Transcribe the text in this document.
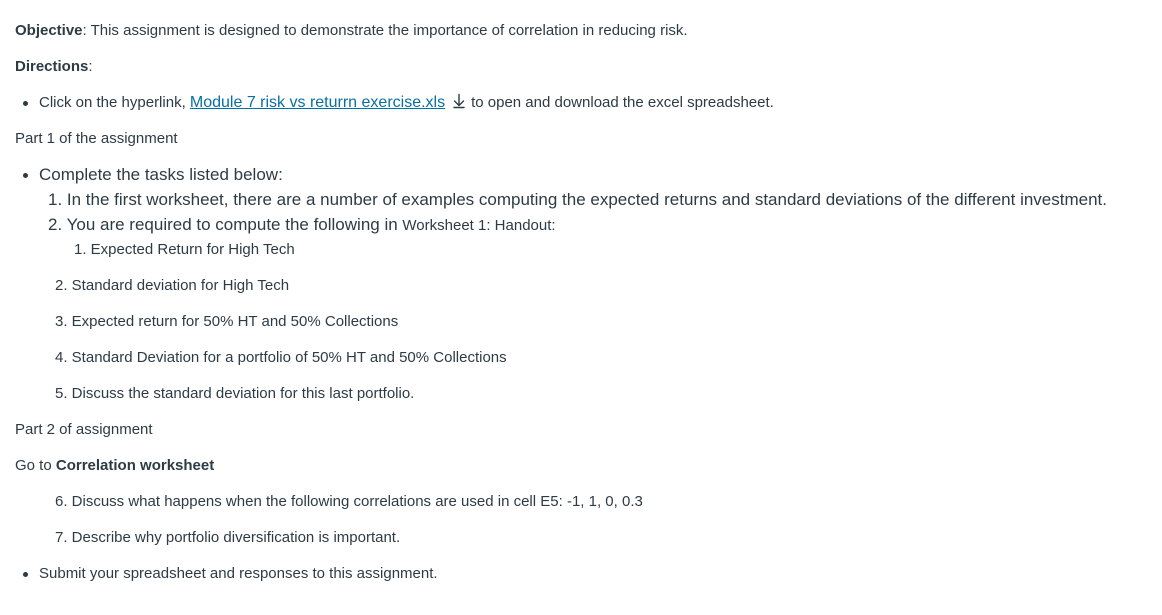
Objective: This assignment is designed to demonstrate the importance of correlation in reducing risk.
Directions:
Click on the hyperlink, Module 7 risk vs returrn exercise.xls to open and download the excel spreadsheet.
Part 1 of the assignment
Complete the tasks listed below:
1. In the first worksheet, there are a number of examples computing the expected returns and standard deviations of the different investment.
2. You are required to compute the following in Worksheet 1: Handout:
1. Expected Return for High Tech
2. Standard deviation for High Tech
3. Expected return for 50% HT and 50% Collections
4. Standard Deviation for a portfolio of 50% HT and 50% Collections
5. Discuss the standard deviation for this last portfolio.
Part 2 of assignment
Go to Correlation worksheet
6. Discuss what happens when the following correlations are used in cell E5: -1, 1, 0, 0.3
7. Describe why portfolio diversification is important.
Submit your spreadsheet and responses to this assignment.
